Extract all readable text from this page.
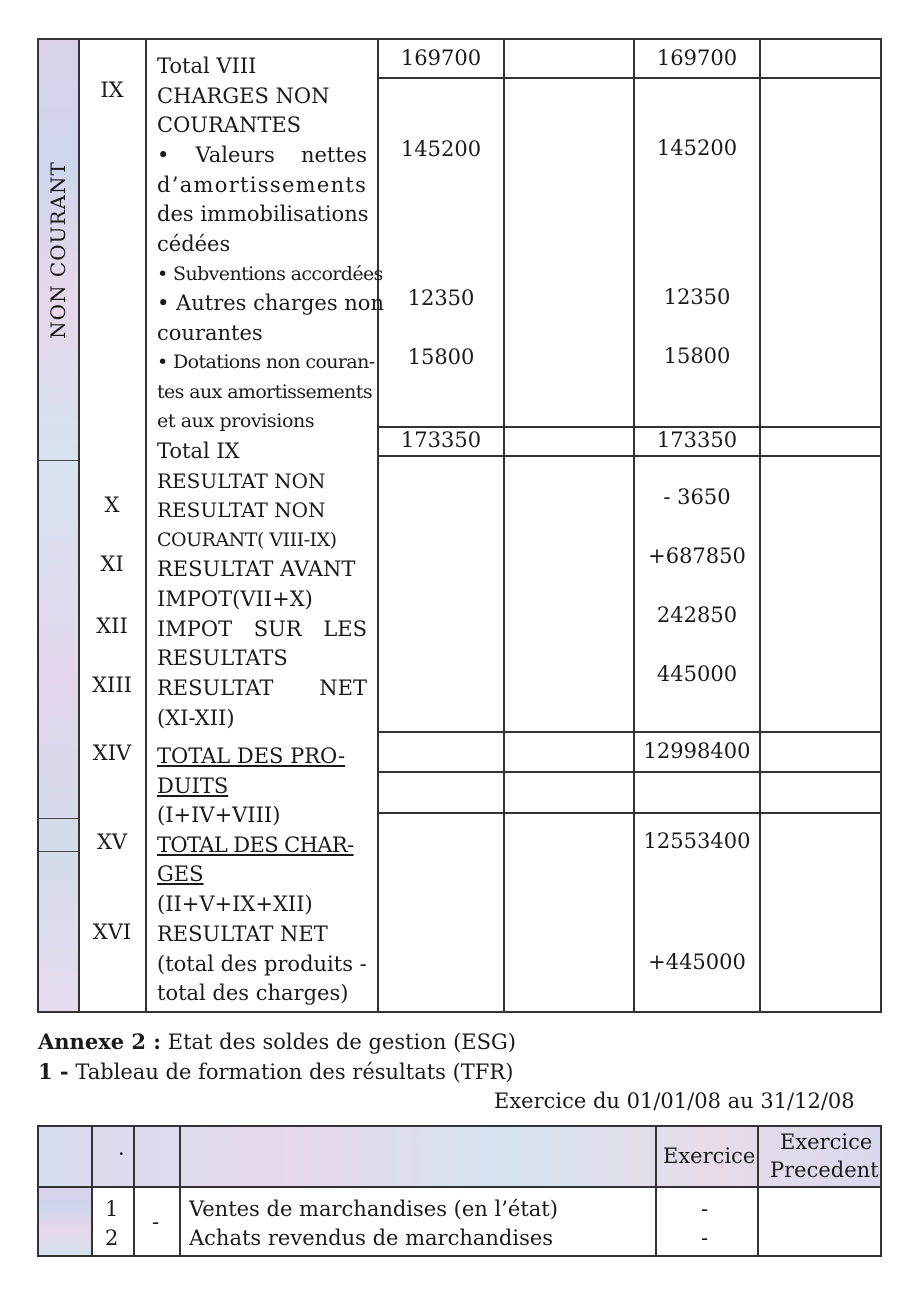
NON COURANT
IX
X
XI
XII
XIII
XIV
XV
XVI
Total VIII
CHARGES NON
COURANTES
• Valeurs nettes
d’amortissements
des immobilisations
cédées
• Subventions accordées
• Autres charges non
courantes
• Dotations non couran-
tes aux amortissements
et aux provisions
Total IX
RESULTAT NON
RESULTAT NON
COURANT( VIII-IX)
RESULTAT AVANT
IMPOT(VII+X)
IMPOT SUR LES
RESULTATS
RESULTAT NET
(XI-XII)
TOTAL DES PRO-
DUITS
(I+IV+VIII)
TOTAL DES CHAR-
GES
(II+V+IX+XII)
RESULTAT NET
(total des produits -
total des charges)
169700
145200
12350
15800
173350
169700
145200
12350
15800
173350
- 3650
+687850
242850
445000
12998400
12553400
+445000
Annexe 2 : Etat des soldes de gestion (ESG)
1 - Tableau de formation des résultats (TFR)
Exercice du 01/01/08 au 31/12/08
·	Exercice
Exercice
Precedent
1
2
-
Ventes de marchandises (en l’état)
Achats revendus de marchandises
-
-
